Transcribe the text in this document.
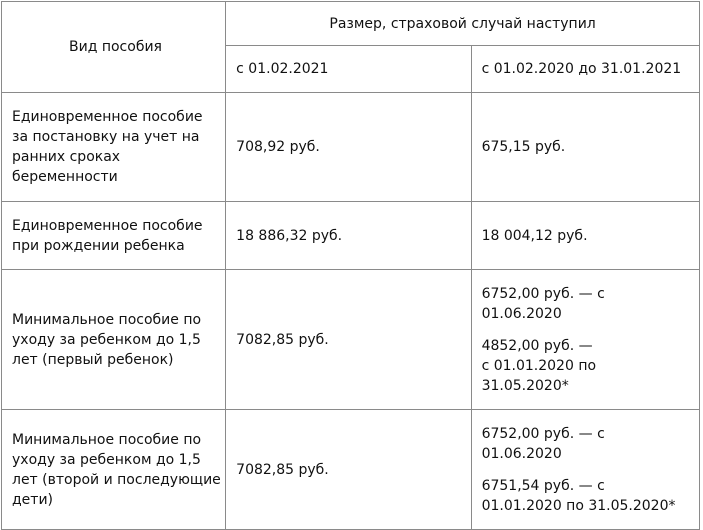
Вид пособия	Размер, страховой случай наступил	
	с 01.02.2021	с 01.02.2020 до 31.01.2021

Единовременное пособие
за постановку на учет на
ранних сроках
беременности	708,92 руб.	675,15 руб.

Единовременное пособие
при рождении ребенка	18 886,32 руб.	18 004,12 руб.

Минимальное пособие по
уходу за ребенком до 1,5
лет (первый ребенок)	7082,85 руб.	6752,00 руб. — с
01.06.2020
4852,00 руб. —
с 01.01.2020 по
31.05.2020*

Минимальное пособие по
уходу за ребенком до 1,5
лет (второй и последующие
дети)	7082,85 руб.	6752,00 руб. — с
01.06.2020
6751,54 руб. — с
01.01.2020 по 31.05.2020*
